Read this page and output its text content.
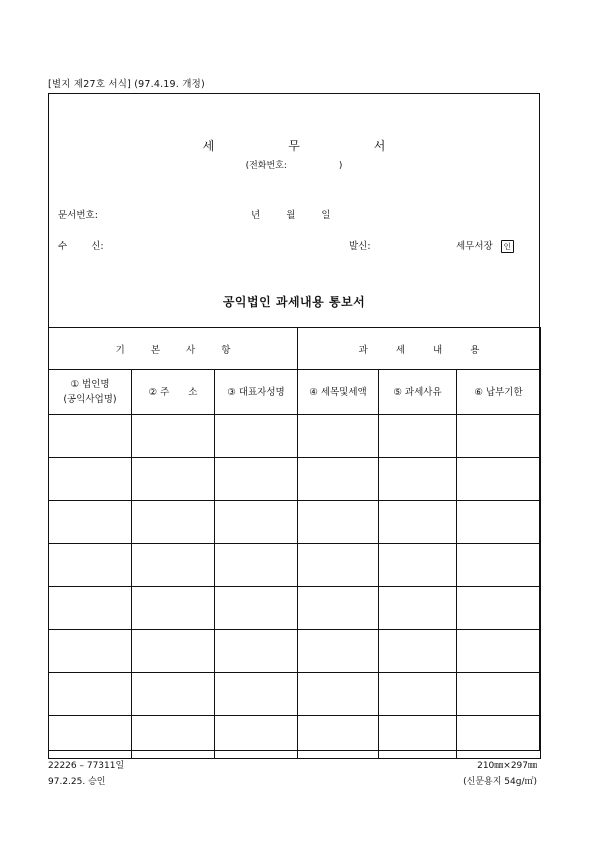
[별지 제27호 서식] (97.4.19. 개정)
세	무	서
(전화번호:	)
문서번호:	년	월	일
수	신:	발신:	세무서장 인
공익법인 과세내용 통보서
기 본 사 항			과 세 내 용		
① 법인명
(공익사업명)	② 주　　소	③ 대표자성명	④ 세목및세액	⑤ 과세사유	⑥ 납부기한

22226 – 77311일
97.2.25. 승인
210㎜×297㎜
(신문용지 54g/㎡)
